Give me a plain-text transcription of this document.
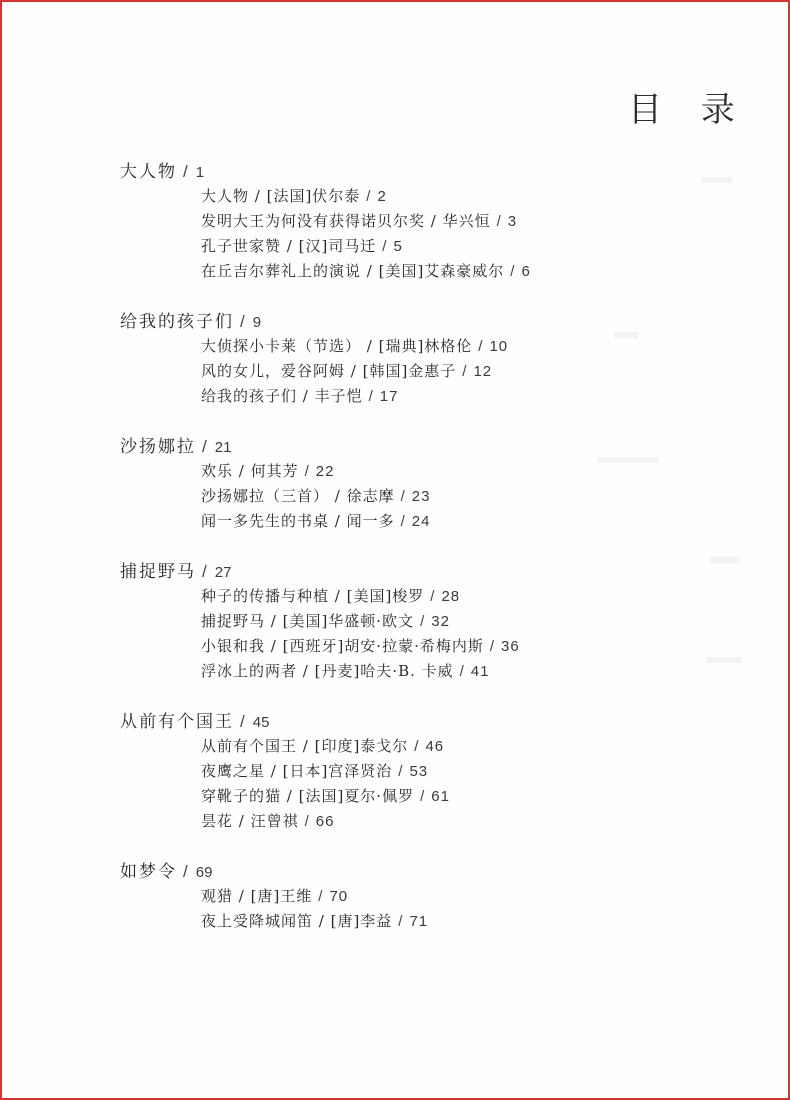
目 录
大人物 / 1
大人物 / [法国]伏尔泰 / 2
发明大王为何没有获得诺贝尔奖 / 华兴恒 / 3
孔子世家赞 / [汉]司马迁 / 5
在丘吉尔葬礼上的演说 / [美国]艾森豪威尔 / 6
给我的孩子们 / 9
大侦探小卡莱（节选） / [瑞典]林格伦 / 10
风的女儿，爱谷阿姆 / [韩国]金惠子 / 12
给我的孩子们 / 丰子恺 / 17
沙扬娜拉 / 21
欢乐 / 何其芳 / 22
沙扬娜拉（三首） / 徐志摩 / 23
闻一多先生的书桌 / 闻一多 / 24
捕捉野马 / 27
种子的传播与种植 / [美国]梭罗 / 28
捕捉野马 / [美国]华盛顿·欧文 / 32
小银和我 / [西班牙]胡安·拉蒙·希梅内斯 / 36
浮冰上的两者 / [丹麦]哈夫·B. 卡威 / 41
从前有个国王 / 45
从前有个国王 / [印度]泰戈尔 / 46
夜鹰之星 / [日本]宫泽贤治 / 53
穿靴子的猫 / [法国]夏尔·佩罗 / 61
昙花 / 汪曾祺 / 66
如梦令 / 69
观猎 / [唐]王维 / 70
夜上受降城闻笛 / [唐]李益 / 71
